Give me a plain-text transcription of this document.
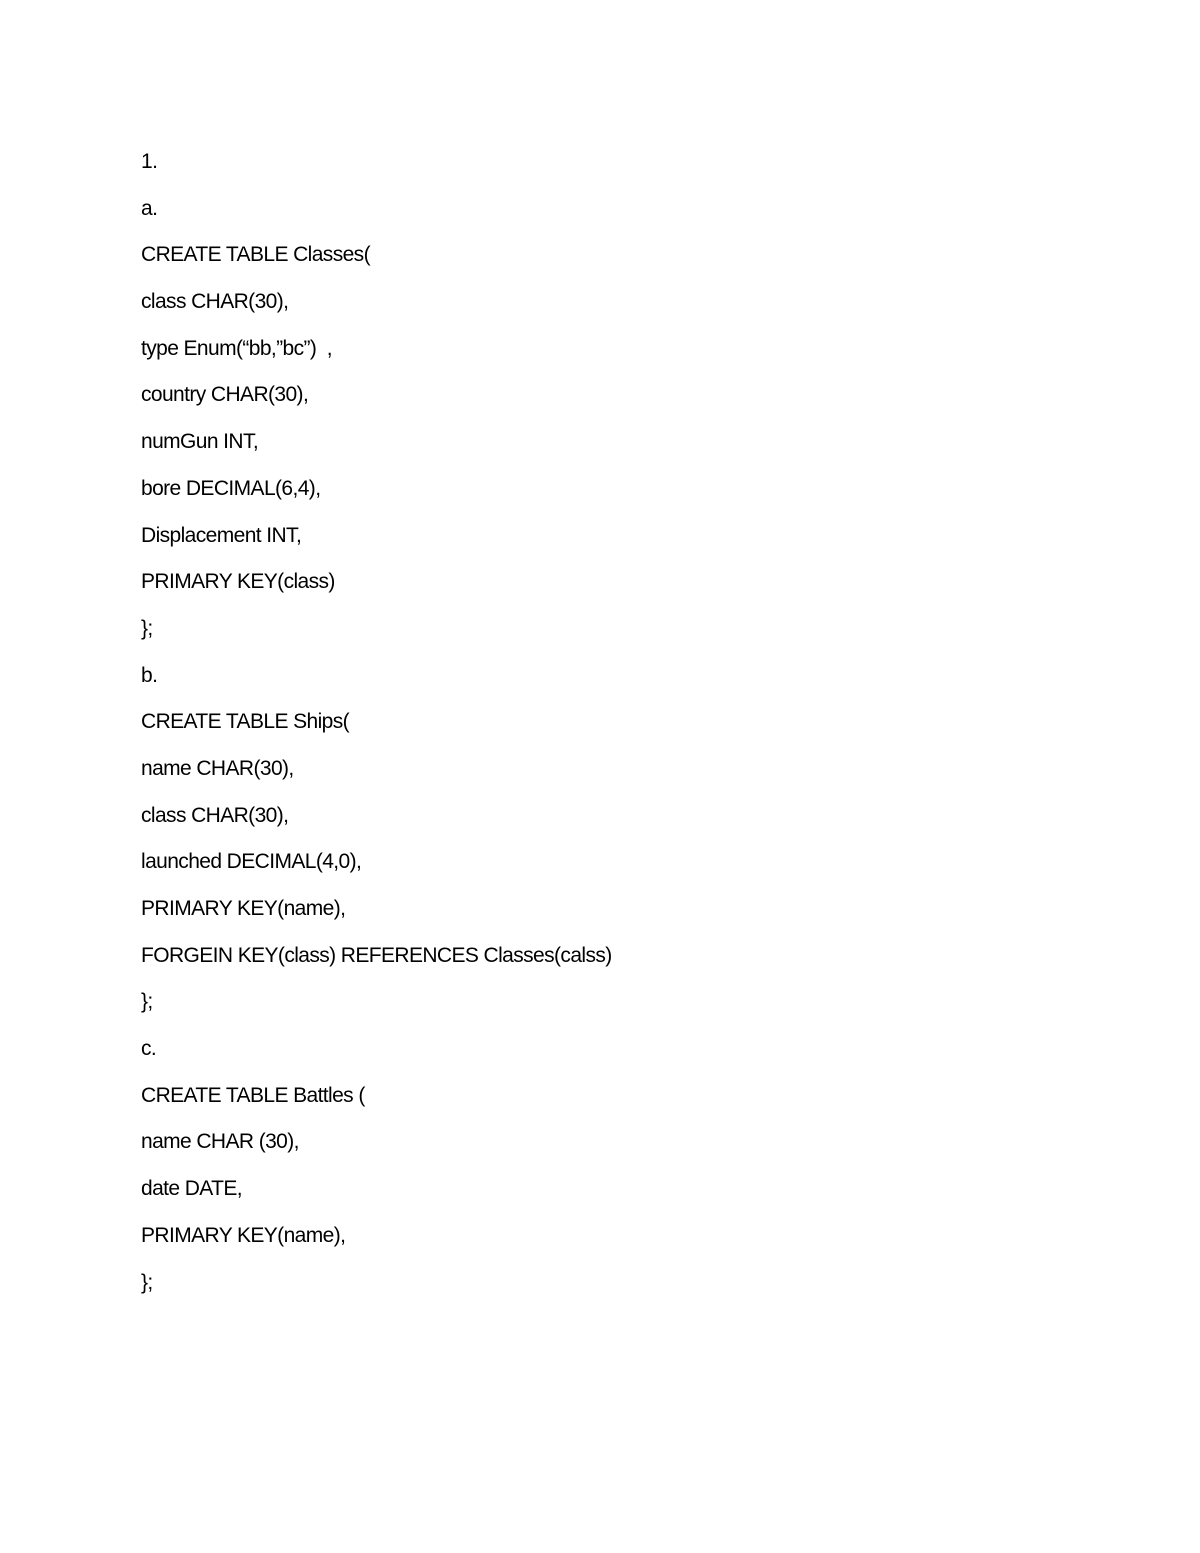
1.
a.
CREATE TABLE Classes(
class CHAR(30),
type Enum(“bb,”bc”)  ,
country CHAR(30),
numGun INT,
bore DECIMAL(6,4),
Displacement INT,
PRIMARY KEY(class)
};
b.
CREATE TABLE Ships(
name CHAR(30),
class CHAR(30),
launched DECIMAL(4,0),
PRIMARY KEY(name),
FORGEIN KEY(class) REFERENCES Classes(calss)
};
c.
CREATE TABLE Battles (
name CHAR (30),
date DATE,
PRIMARY KEY(name),
};
